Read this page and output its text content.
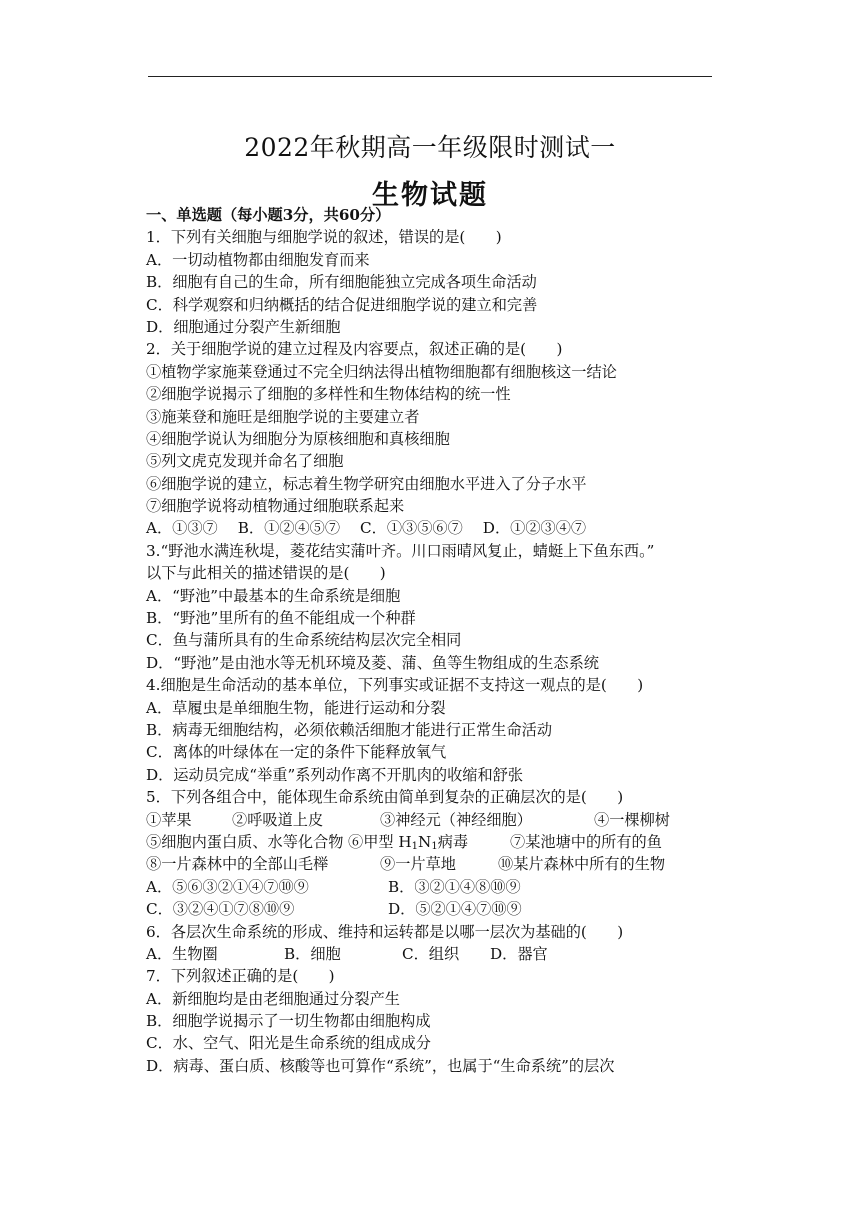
2022年秋期高一年级限时测试一
生物试题
一、单选题（每小题3分，共60分）
1．下列有关细胞与细胞学说的叙述，错误的是(　　)
A．一切动植物都由细胞发育而来
B．细胞有自己的生命，所有细胞能独立完成各项生命活动
C．科学观察和归纳概括的结合促进细胞学说的建立和完善
D．细胞通过分裂产生新细胞
2．关于细胞学说的建立过程及内容要点，叙述正确的是(　　)
①植物学家施莱登通过不完全归纳法得出植物细胞都有细胞核这一结论
②细胞学说揭示了细胞的多样性和生物体结构的统一性
③施莱登和施旺是细胞学说的主要建立者
④细胞学说认为细胞分为原核细胞和真核细胞
⑤列文虎克发现并命名了细胞
⑥细胞学说的建立，标志着生物学研究由细胞水平进入了分子水平
⑦细胞学说将动植物通过细胞联系起来
A．①③⑦　 B．①②④⑤⑦　 C．①③⑤⑥⑦　 D．①②③④⑦
3.“野池水满连秋堤，菱花结实蒲叶齐。川口雨晴风复止，蜻蜓上下鱼东西。”
以下与此相关的描述错误的是(　　)
A．“野池”中最基本的生命系统是细胞
B．“野池”里所有的鱼不能组成一个种群
C．鱼与蒲所具有的生命系统结构层次完全相同
D．“野池”是由池水等无机环境及菱、蒲、鱼等生物组成的生态系统
4.细胞是生命活动的基本单位，下列事实或证据不支持这一观点的是(　　)
A．草履虫是单细胞生物，能进行运动和分裂
B．病毒无细胞结构，必须依赖活细胞才能进行正常生命活动
C．离体的叶绿体在一定的条件下能释放氧气
D．运动员完成“举重”系列动作离不开肌肉的收缩和舒张
5．下列各组合中，能体现生命系统由简单到复杂的正确层次的是(　　)
①苹果	②呼吸道上皮	③神经元（神经细胞）	④一棵柳树
⑤细胞内蛋白质、水等化合物 ⑥甲型 H1N1病毒	⑦某池塘中的所有的鱼
⑧一片森林中的全部山毛榉	⑨一片草地	⑩某片森林中所有的生物
A．⑤⑥③②①④⑦⑩⑨	B．③②①④⑧⑩⑨
C．③②④①⑦⑧⑩⑨	D．⑤②①④⑦⑩⑨
6．各层次生命系统的形成、维持和运转都是以哪一层次为基础的(　　)
A．生物圈	B．细胞	C．组织	D．器官
7．下列叙述正确的是(　　)
A．新细胞均是由老细胞通过分裂产生
B．细胞学说揭示了一切生物都由细胞构成
C．水、空气、阳光是生命系统的组成成分
D．病毒、蛋白质、核酸等也可算作“系统”，也属于“生命系统”的层次
